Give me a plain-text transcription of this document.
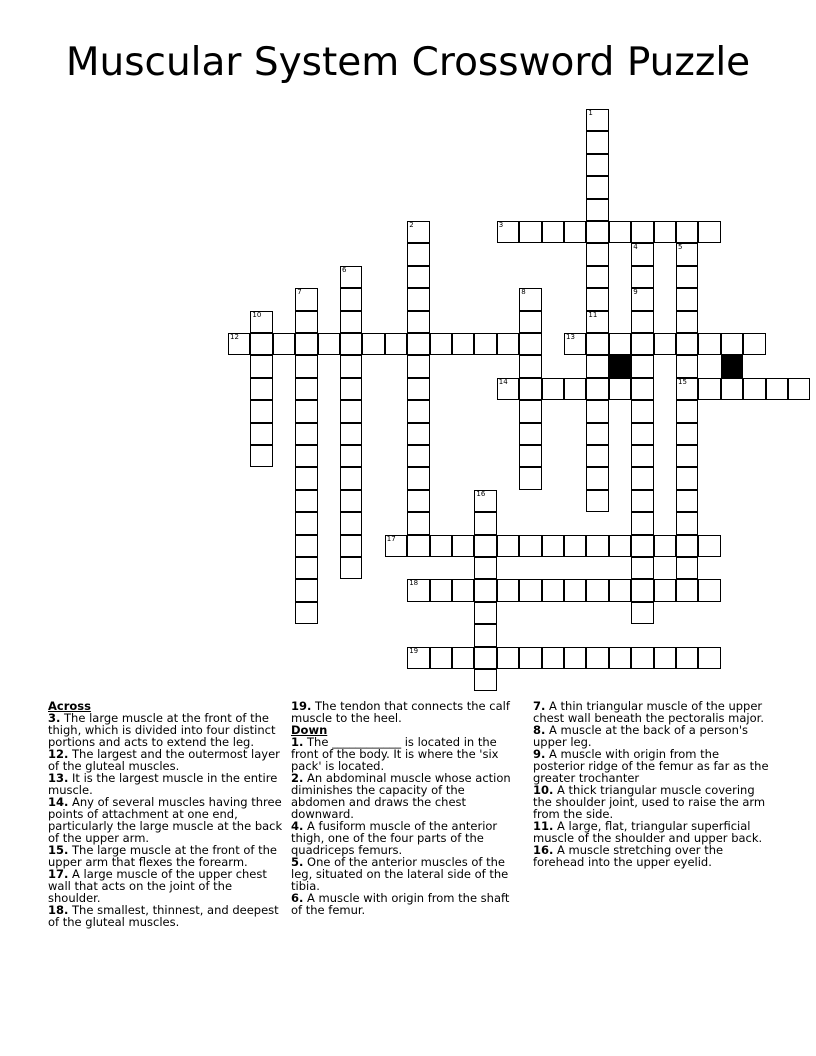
Muscular System Crossword Puzzle
1
11
2	3
4
9
5
15
6
7	8
10
12	13
14
16
17
18
19

Across

3. The large muscle at the front of the thigh, which is divided into four distinct portions and acts to extend the leg.

12. The largest and the outermost layer of the gluteal muscles.

13. It is the largest muscle in the entire muscle.

14. Any of several muscles having three points of attachment at one end, particularly the large muscle at the back of the upper arm.

15. The large muscle at the front of the upper arm that flexes the forearm.

17. A large muscle of the upper chest wall that acts on the joint of the shoulder.

18. The smallest, thinnest, and deepest of the gluteal muscles.

19. The tendon that connects the calf muscle to the heel.

Down

1. The ____________ is located in the front of the body. It is where the 'six pack' is located.

2. An abdominal muscle whose action diminishes the capacity of the abdomen and draws the chest downward.

4. A fusiform muscle of the anterior thigh, one of the four parts of the quadriceps femurs.

5. One of the anterior muscles of the leg, situated on the lateral side of the tibia.

6. A muscle with origin from the shaft of the femur.

7. A thin triangular muscle of the upper chest wall beneath the pectoralis major.

8. A muscle at the back of a person's upper leg.

9. A muscle with origin from the posterior ridge of the femur as far as the greater trochanter

10. A thick triangular muscle covering the shoulder joint, used to raise the arm from the side.

11. A large, flat, triangular superficial muscle of the shoulder and upper back.

16. A muscle stretching over the forehead into the upper eyelid.
